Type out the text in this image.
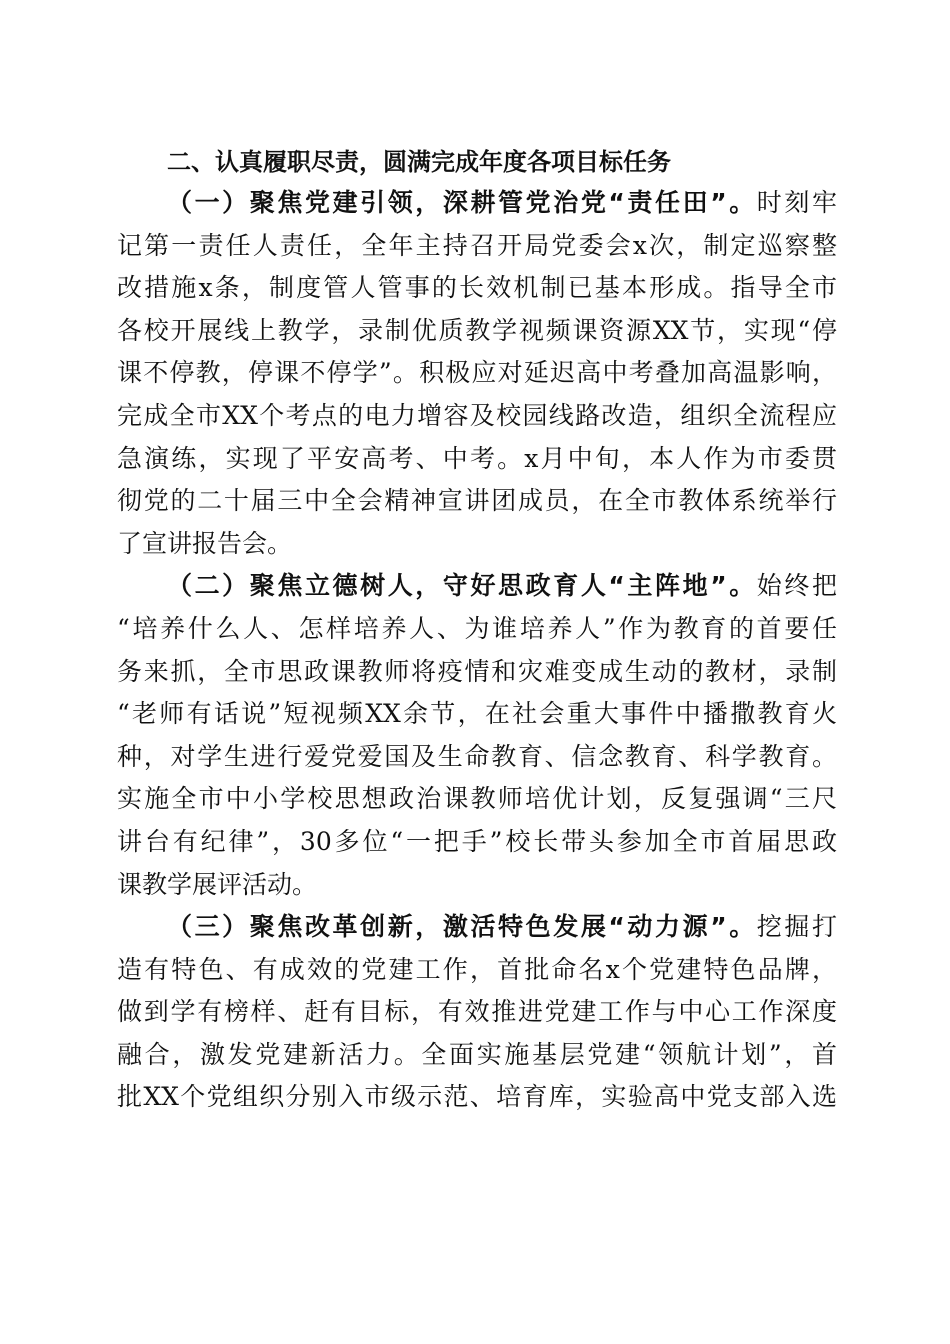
二、认真履职尽责，圆满完成年度各项目标任务
（一）聚焦党建引领，深耕管党治党“责任田”。时刻牢
记第一责任人责任，全年主持召开局党委会x次，制定巡察整
改措施x条，制度管人管事的长效机制已基本形成。指导全市
各校开展线上教学，录制优质教学视频课资源XX节，实现“停
课不停教，停课不停学”。积极应对延迟高中考叠加高温影响，
完成全市XX个考点的电力增容及校园线路改造，组织全流程应
急演练，实现了平安高考、中考。x月中旬，本人作为市委贯
彻党的二十届三中全会精神宣讲团成员，在全市教体系统举行
了宣讲报告会。
（二）聚焦立德树人，守好思政育人“主阵地”。始终把
“培养什么人、怎样培养人、为谁培养人”作为教育的首要任
务来抓，全市思政课教师将疫情和灾难变成生动的教材，录制
“老师有话说”短视频XX余节，在社会重大事件中播撒教育火
种，对学生进行爱党爱国及生命教育、信念教育、科学教育。
实施全市中小学校思想政治课教师培优计划，反复强调“三尺
讲台有纪律”，30多位“一把手”校长带头参加全市首届思政
课教学展评活动。
（三）聚焦改革创新，激活特色发展“动力源”。挖掘打
造有特色、有成效的党建工作，首批命名x个党建特色品牌，
做到学有榜样、赶有目标，有效推进党建工作与中心工作深度
融合，激发党建新活力。全面实施基层党建“领航计划”，首
批XX个党组织分别入市级示范、培育库，实验高中党支部入选
